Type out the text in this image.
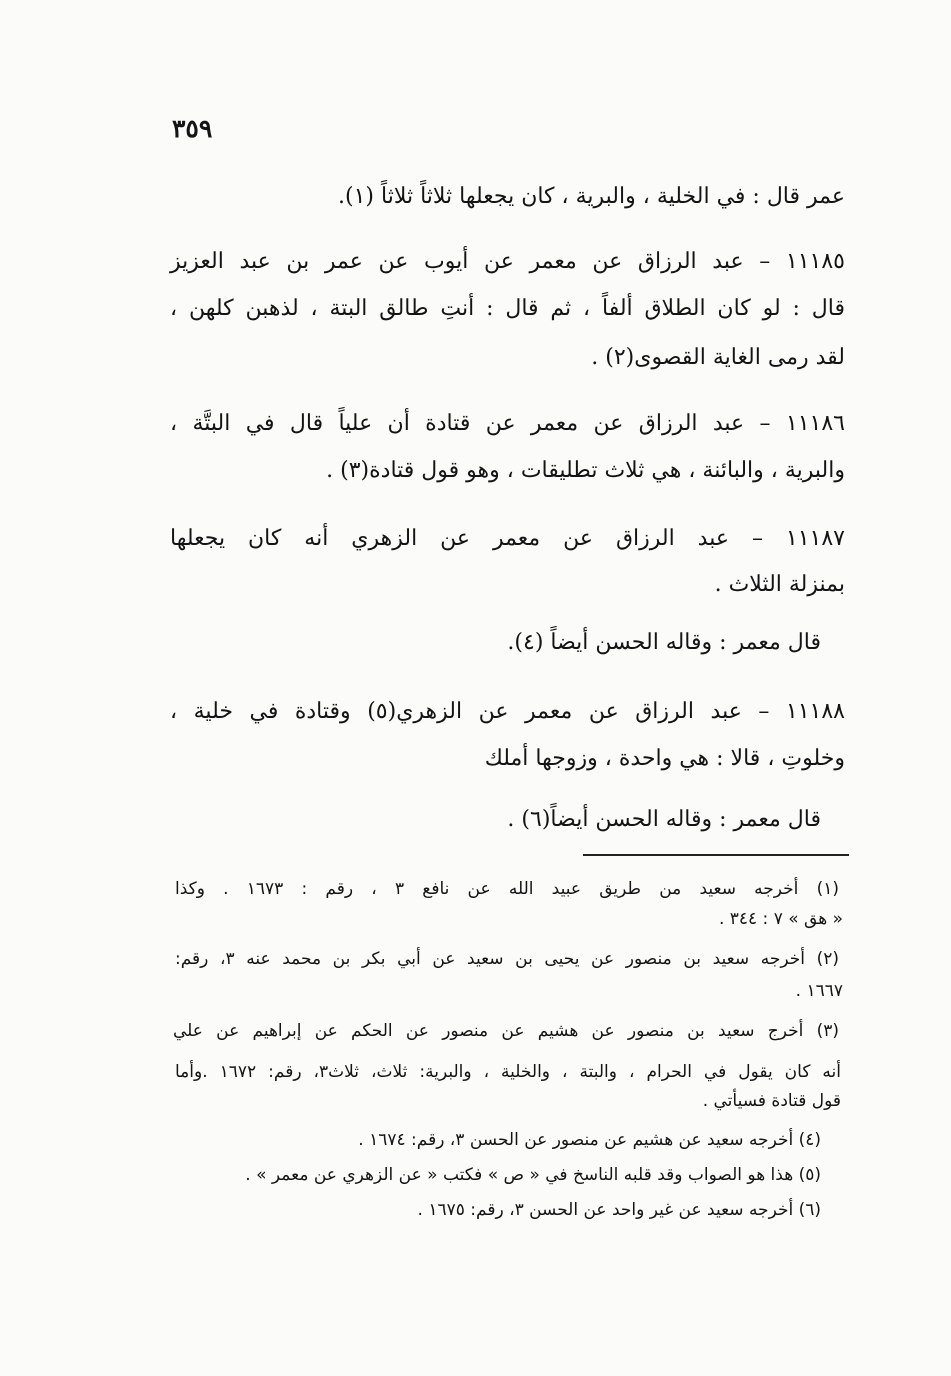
٣٥٩
عمر قال : في الخلية ، والبرية ، كان يجعلها ثلاثاً ثلاثاً (١).
١١١٨٥ – عبد الرزاق عن معمر عن أيوب عن عمر بن عبد العزيز
قال : لو كان الطلاق ألفاً ، ثم قال : أنتِ طالق البتة ، لذهبن كلهن ،
لقد رمى الغاية القصوى(٢) .
١١١٨٦ – عبد الرزاق عن معمر عن قتادة أن علياً قال في البتَّة ،
والبرية ، والبائنة ، هي ثلاث تطليقات ، وهو قول قتادة(٣) .
١١١٨٧ – عبد الرزاق عن معمر عن الزهري أنه كان يجعلها
بمنزلة الثلاث .
قال معمر : وقاله الحسن أيضاً (٤).
١١١٨٨ – عبد الرزاق عن معمر عن الزهري(٥) وقتادة في خلية ،
وخلوتِ ، قالا : هي واحدة ، وزوجها أملك
قال معمر : وقاله الحسن أيضاً(٦) .
(١) أخرجه سعيد من طريق عبيد الله عن نافع ٣ ، رقم : ١٦٧٣ . وكذا
« هق » ٧ : ٣٤٤ .
(٢) أخرجه سعيد بن منصور عن يحيى بن سعيد عن أبي بكر بن محمد عنه ٣، رقم:
١٦٦٧ .
(٣) أخرج سعيد بن منصور عن هشيم عن منصور عن الحكم عن إبراهيم عن علي
أنه كان يقول في الحرام ، والبتة ، والخلية ، والبرية: ثلاث، ثلاث٣، رقم: ١٦٧٢ .وأما
قول قتادة فسيأتي .
(٤) أخرجه سعيد عن هشيم عن منصور عن الحسن ٣، رقم: ١٦٧٤ .
(٥) هذا هو الصواب وقد قلبه الناسخ في « ص » فكتب « عن الزهري عن معمر » .
(٦) أخرجه سعيد عن غير واحد عن الحسن ٣، رقم: ١٦٧٥ .
